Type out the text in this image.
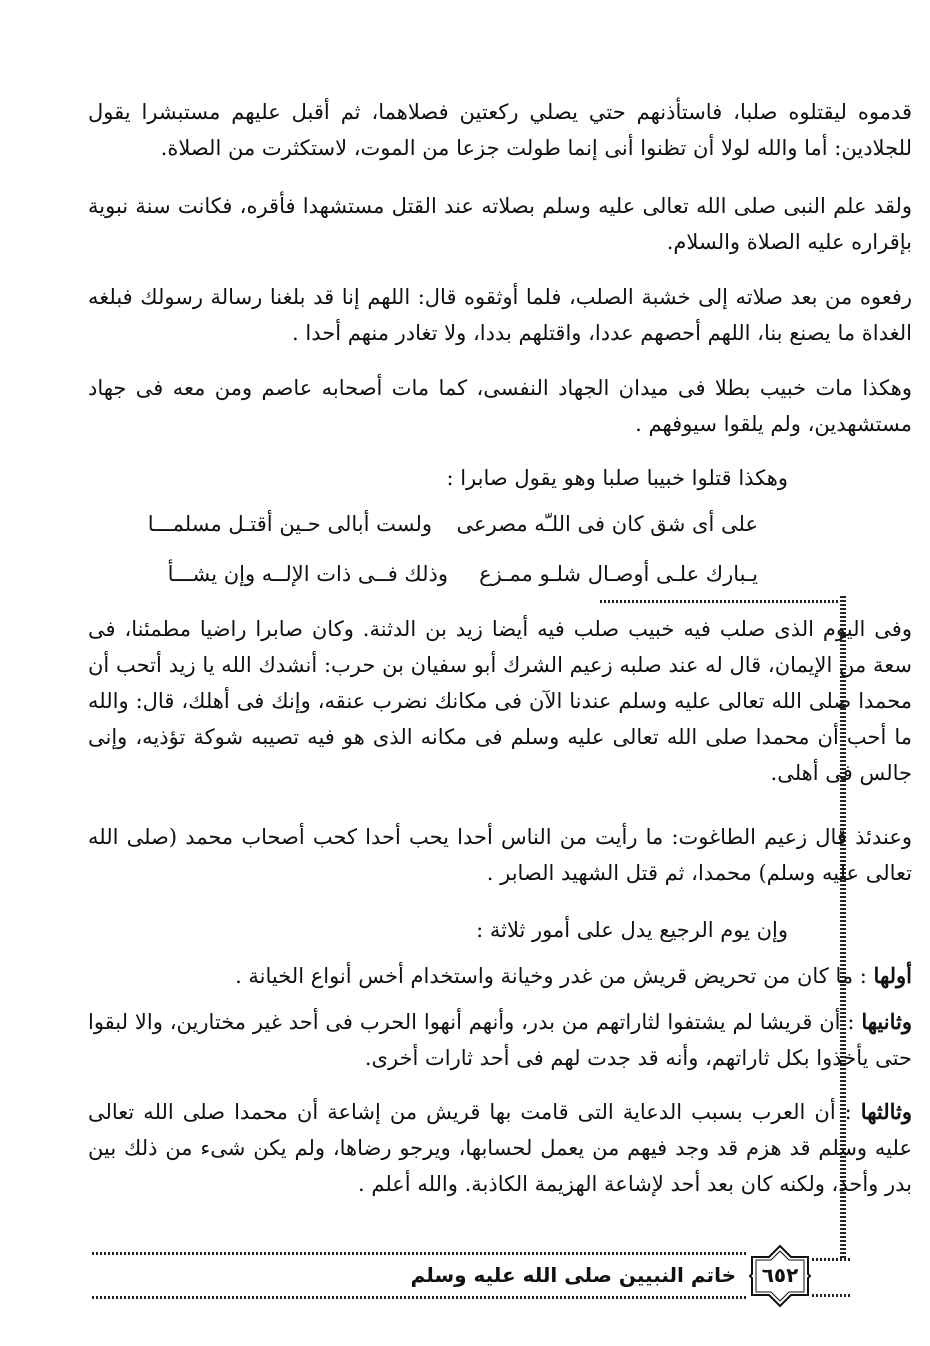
قدموه ليقتلوه صلبا، فاستأذنهم حتي يصلي ركعتين فصلاهما، ثم أقبل عليهم مستبشرا يقول للجلادين: أما والله لولا أن تظنوا أنى إنما طولت جزعا من الموت، لاستكثرت من الصلاة.

ولقد علم النبى صلى الله تعالى عليه وسلم بصلاته عند القتل مستشهدا فأقره، فكانت سنة نبوية بإقراره عليه الصلاة والسلام.

رفعوه من بعد صلاته إلى خشبة الصلب، فلما أوثقوه قال: اللهم إنا قد بلغنا رسالة رسولك فبلغه الغداة ما يصنع بنا، اللهم أحصهم عددا، واقتلهم بددا، ولا تغادر منهم أحدا .

وهكذا مات خبيب بطلا فى ميدان الجهاد النفسى، كما مات أصحابه عاصم ومن معه فى جهاد مستشهدين، ولم يلقوا سيوفهم .

وهكذا قتلوا خبيبا صلبا وهو يقول صابرا :

ولست أبالى حـين أقتـل مسلمـــا على أى شق كان فى اللـّه مصرعى
وذلك فــى ذات الإلــه وإن يشـــأ يـبارك علـى أوصـال شلـو ممـزع

وفى اليوم الذى صلب فيه خبيب صلب فيه أيضا زيد بن الدثنة. وكان صابرا راضيا مطمئنا، فى سعة من الإيمان، قال له عند صلبه زعيم الشرك أبو سفيان بن حرب: أنشدك الله يا زيد أتحب أن محمدا صلى الله تعالى عليه وسلم عندنا الآن فى مكانك نضرب عنقه، وإنك فى أهلك، قال: والله ما أحب أن محمدا صلى الله تعالى عليه وسلم فى مكانه الذى هو فيه تصيبه شوكة تؤذيه، وإنى جالس فى أهلى.

وعندئذ قال زعيم الطاغوت: ما رأيت من الناس أحدا يحب أحدا كحب أصحاب محمد (صلى الله تعالى عليه وسلم) محمدا، ثم قتل الشهيد الصابر .

وإن يوم الرجيع يدل على أمور ثلاثة :

أولها : ما كان من تحريض قريش من غدر وخيانة واستخدام أخس أنواع الخيانة .

وثانيها : أن قريشا لم يشتفوا لثاراتهم من بدر، وأنهم أنهوا الحرب فى أحد غير مختارين، والا لبقوا حتى يأخذوا بكل ثاراتهم، وأنه قد جدت لهم فى أحد ثارات أخرى.

وثالثها : أن العرب بسبب الدعاية التى قامت بها قريش من إشاعة أن محمدا صلى الله تعالى عليه وسلم قد هزم قد وجد فيهم من يعمل لحسابها، ويرجو رضاها، ولم يكن شىء من ذلك بين بدر وأحد، ولكنه كان بعد أحد لإشاعة الهزيمة الكاذبة. والله أعلم .

خاتم النبيين صلى الله عليه وسلم	٦٥٢
